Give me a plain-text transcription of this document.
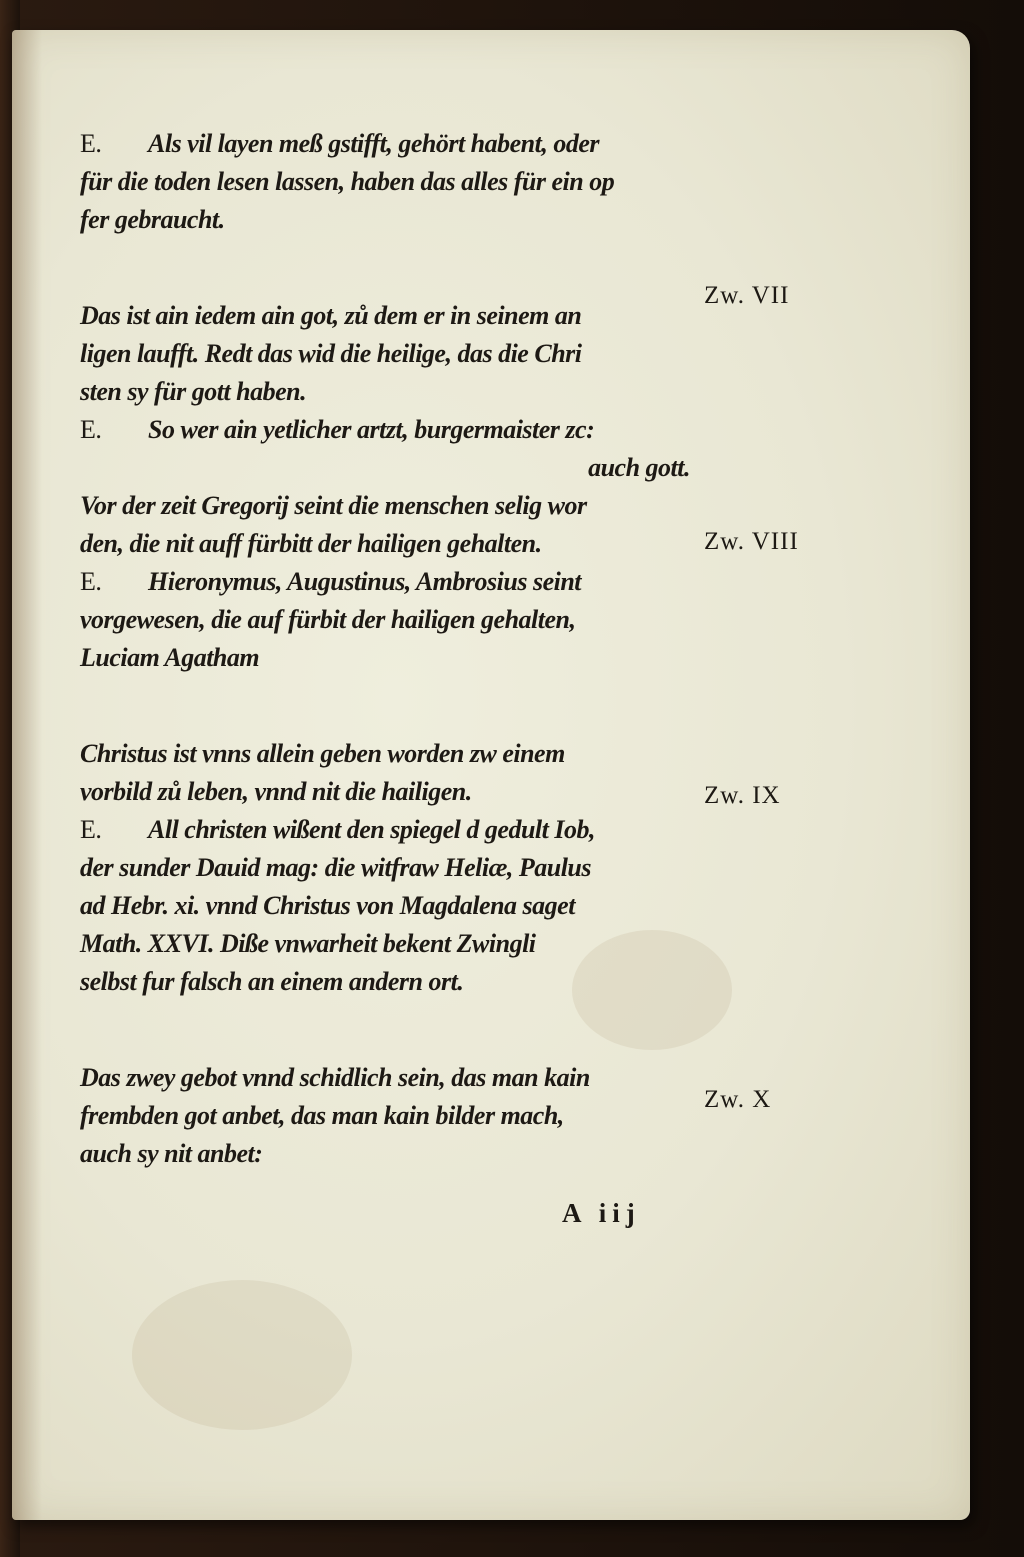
E. Als vil layen meß gstifft, gehört habent, oder
für die toden lesen lassen, haben das alles für ein op
fer gebraucht.
Das ist ain iedem ain got, zů dem er in seinem an
ligen laufft. Redt das wid die heilige, das die Chri
sten sy für gott haben.
E. So wer ain yetlicher artzt, burgermaister zc:
auch gott.
Vor der zeit Gregorij seint die menschen selig wor
den, die nit auff fürbitt der hailigen gehalten.
E. Hieronymus, Augustinus, Ambrosius seint
vorgewesen, die auf fürbit der hailigen gehalten,
Luciam Agatham
Christus ist vnns allein geben worden zw einem
vorbild zů leben, vnnd nit die hailigen.
E. All christen wißent den spiegel d gedult Iob,
der sunder Dauid mag: die witfraw Heliæ, Paulus
ad Hebr. xi. vnnd Christus von Magdalena saget
Math. XXVI. Diße vnwarheit bekent Zwingli
selbst fur falsch an einem andern ort.
Das zwey gebot vnnd schidlich sein, das man kain
frembden got anbet, das man kain bilder mach,
auch sy nit anbet:
Zw. VII
Zw. VIII
Zw. IX
Zw. X
A iij
